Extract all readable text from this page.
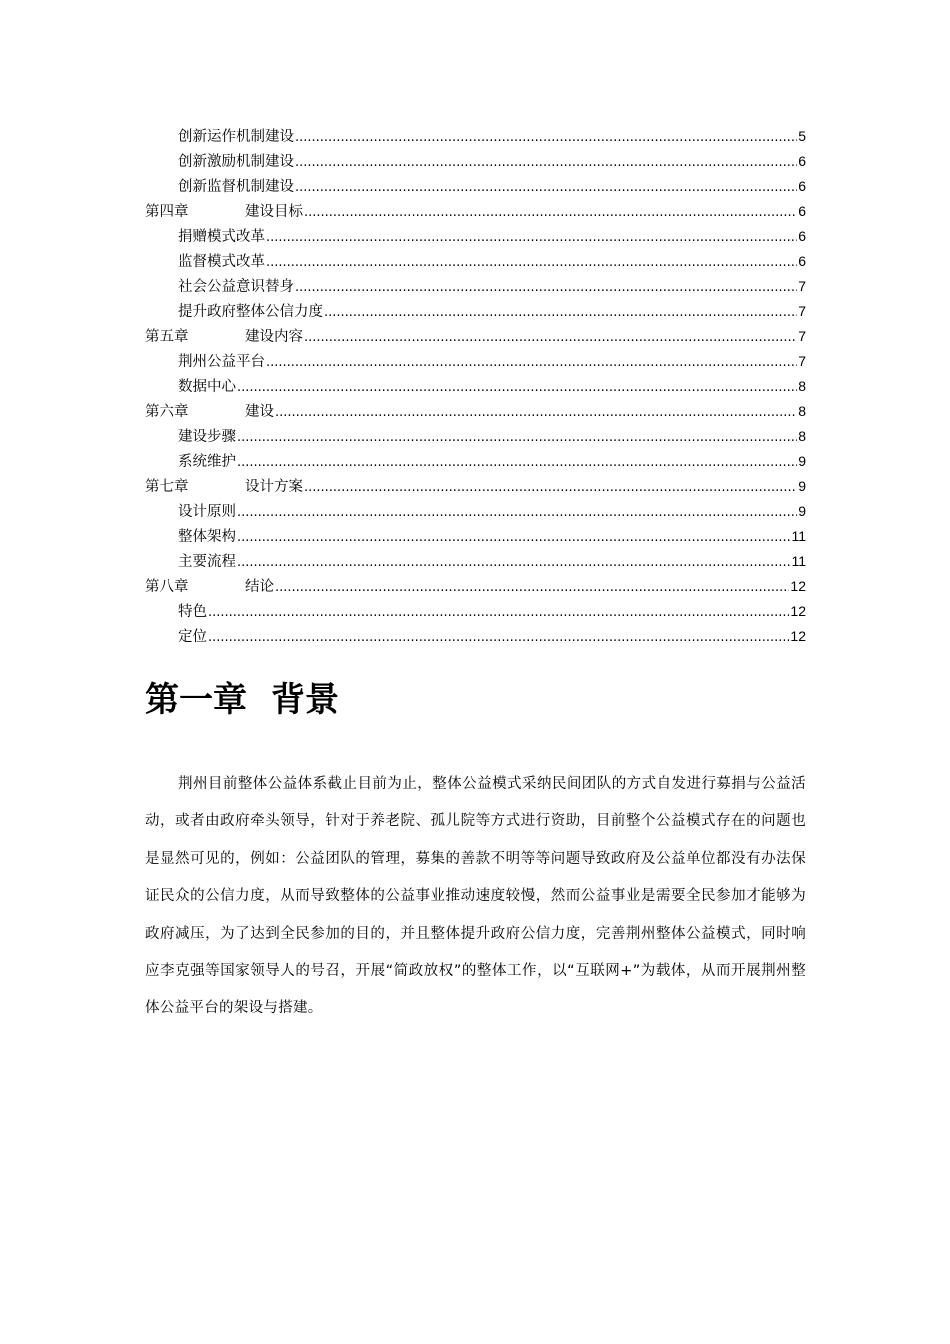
创新运作机制建设 .....	5
创新激励机制建设 .....	6
创新监督机制建设 .....	6
第四章	建设目标 .....	6
捐赠模式改革 .....	6
监督模式改革 .....	6
社会公益意识替身 .....	7
提升政府整体公信力度 .....	7
第五章	建设内容 .....	7
荆州公益平台 .....	7
数据中心 .....	8
第六章	建设 .....	8
建设步骤 .....	8
系统维护 .....	9
第七章	设计方案 .....	9
设计原则 .....	9
整体架构 .....	11
主要流程 .....	11
第八章	结论 .....	12
特色 .....	12
定位 .....	12
第一章 背景

荆州目前整体公益体系截止目前为止，整体公益模式采纳民间团队的方式自发进行募捐与公益活动，或者由政府牵头领导，针对于养老院、孤儿院等方式进行资助，目前整个公益模式存在的问题也是显然可见的，例如：公益团队的管理，募集的善款不明等等问题导致政府及公益单位都没有办法保证民众的公信力度，从而导致整体的公益事业推动速度较慢，然而公益事业是需要全民参加才能够为政府减压，为了达到全民参加的目的，并且整体提升政府公信力度，完善荆州整体公益模式，同时响应李克强等国家领导人的号召，开展“简政放权”的整体工作，以“互联网+”为载体，从而开展荆州整体公益平台的架设与搭建。
